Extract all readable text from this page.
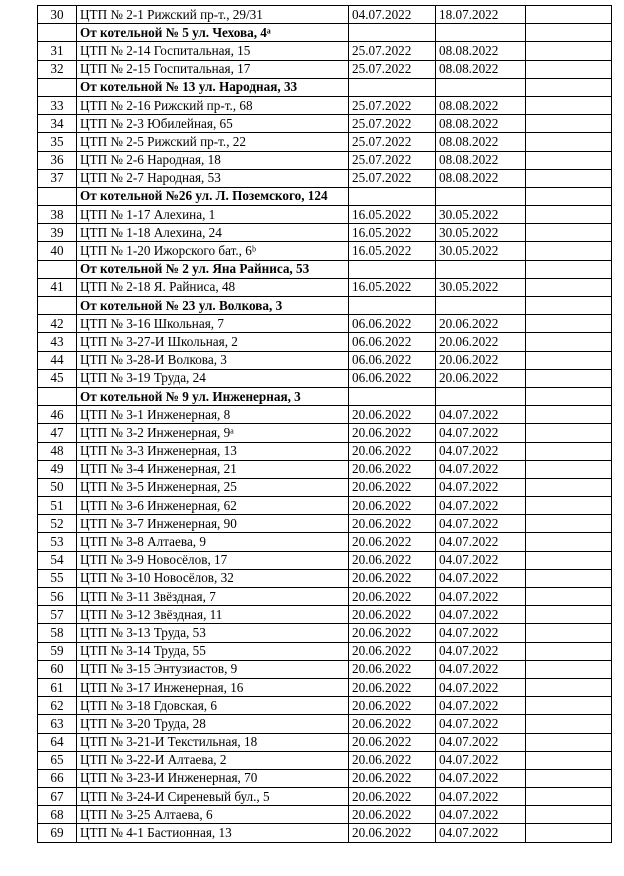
30	ЦТП № 2-1 Рижский пр-т., 29/31	04.07.2022	18.07.2022	
	От котельной № 5 ул. Чехова, 4ᵃ			
31	ЦТП № 2-14 Госпитальная, 15	25.07.2022	08.08.2022	
32	ЦТП № 2-15 Госпитальная, 17	25.07.2022	08.08.2022	
	От котельной № 13 ул. Народная, 33			
33	ЦТП № 2-16 Рижский пр-т., 68	25.07.2022	08.08.2022	
34	ЦТП № 2-3 Юбилейная, 65	25.07.2022	08.08.2022	
35	ЦТП № 2-5 Рижский пр-т., 22	25.07.2022	08.08.2022	
36	ЦТП № 2-6 Народная, 18	25.07.2022	08.08.2022	
37	ЦТП № 2-7 Народная, 53	25.07.2022	08.08.2022	
	От котельной №26 ул. Л. Поземского, 124			
38	ЦТП № 1-17 Алехина, 1	16.05.2022	30.05.2022	
39	ЦТП № 1-18 Алехина, 24	16.05.2022	30.05.2022	
40	ЦТП № 1-20 Ижорского бат., 6ᵇ	16.05.2022	30.05.2022	
	От котельной № 2 ул. Яна Райниса, 53			
41	ЦТП № 2-18 Я. Райниса, 48	16.05.2022	30.05.2022	
	От котельной № 23 ул. Волкова, 3			
42	ЦТП № 3-16 Школьная, 7	06.06.2022	20.06.2022	
43	ЦТП № 3-27-И Школьная, 2	06.06.2022	20.06.2022	
44	ЦТП № 3-28-И Волкова, 3	06.06.2022	20.06.2022	
45	ЦТП № 3-19 Труда, 24	06.06.2022	20.06.2022	
	От котельной № 9 ул. Инженерная, 3			
46	ЦТП № 3-1 Инженерная, 8	20.06.2022	04.07.2022	
47	ЦТП № 3-2 Инженерная, 9ᵃ	20.06.2022	04.07.2022	
48	ЦТП № 3-3 Инженерная, 13	20.06.2022	04.07.2022	
49	ЦТП № 3-4 Инженерная, 21	20.06.2022	04.07.2022	
50	ЦТП № 3-5 Инженерная, 25	20.06.2022	04.07.2022	
51	ЦТП № 3-6 Инженерная, 62	20.06.2022	04.07.2022	
52	ЦТП № 3-7 Инженерная, 90	20.06.2022	04.07.2022	
53	ЦТП № 3-8 Алтаева, 9	20.06.2022	04.07.2022	
54	ЦТП № 3-9 Новосёлов, 17	20.06.2022	04.07.2022	
55	ЦТП № 3-10 Новосёлов, 32	20.06.2022	04.07.2022	
56	ЦТП № 3-11 Звёздная, 7	20.06.2022	04.07.2022	
57	ЦТП № 3-12 Звёздная, 11	20.06.2022	04.07.2022	
58	ЦТП № 3-13 Труда, 53	20.06.2022	04.07.2022	
59	ЦТП № 3-14 Труда, 55	20.06.2022	04.07.2022	
60	ЦТП № 3-15 Энтузиастов, 9	20.06.2022	04.07.2022	
61	ЦТП № 3-17 Инженерная, 16	20.06.2022	04.07.2022	
62	ЦТП № 3-18 Гдовская, 6	20.06.2022	04.07.2022	
63	ЦТП № 3-20 Труда, 28	20.06.2022	04.07.2022	
64	ЦТП № 3-21-И Текстильная, 18	20.06.2022	04.07.2022	
65	ЦТП № 3-22-И Алтаева, 2	20.06.2022	04.07.2022	
66	ЦТП № 3-23-И Инженерная, 70	20.06.2022	04.07.2022	
67	ЦТП № 3-24-И Сиреневый бул., 5	20.06.2022	04.07.2022	
68	ЦТП № 3-25 Алтаева, 6	20.06.2022	04.07.2022	
69	ЦТП № 4-1 Бастионная, 13	20.06.2022	04.07.2022	
